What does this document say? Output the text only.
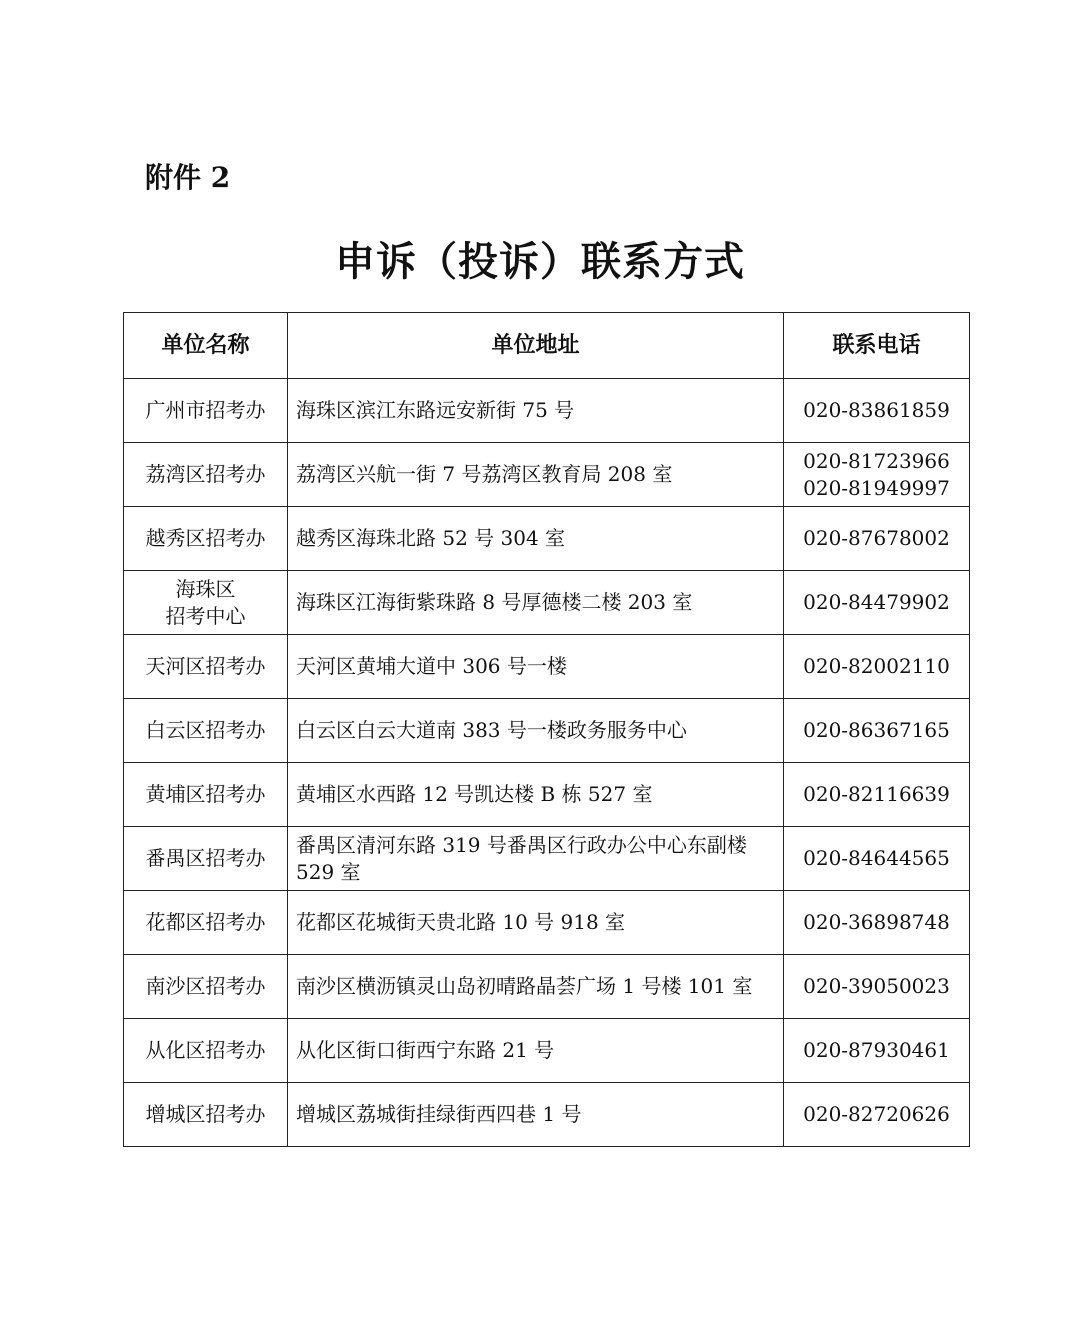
附件 2
申诉（投诉）联系方式
单位名称	单位地址	联系电话

广州市招考办	海珠区滨江东路远安新街 75 号	020-83861859

荔湾区招考办	荔湾区兴航一街 7 号荔湾区教育局 208 室	020-81723966
020-81949997

越秀区招考办	越秀区海珠北路 52 号 304 室	020-87678002

海珠区
招考中心	海珠区江海街紫珠路 8 号厚德楼二楼 203 室	020-84479902

天河区招考办	天河区黄埔大道中 306 号一楼	020-82002110

白云区招考办	白云区白云大道南 383 号一楼政务服务中心	020-86367165

黄埔区招考办	黄埔区水西路 12 号凯达楼 B 栋 527 室	020-82116639

番禺区招考办	番禺区清河东路 319 号番禺区行政办公中心东副楼 529 室	020-84644565

花都区招考办	花都区花城街天贵北路 10 号 918 室	020-36898748

南沙区招考办	南沙区横沥镇灵山岛初晴路晶荟广场 1 号楼 101 室	020-39050023

从化区招考办	从化区街口街西宁东路 21 号	020-87930461

增城区招考办	增城区荔城街挂绿街西四巷 1 号	020-82720626
